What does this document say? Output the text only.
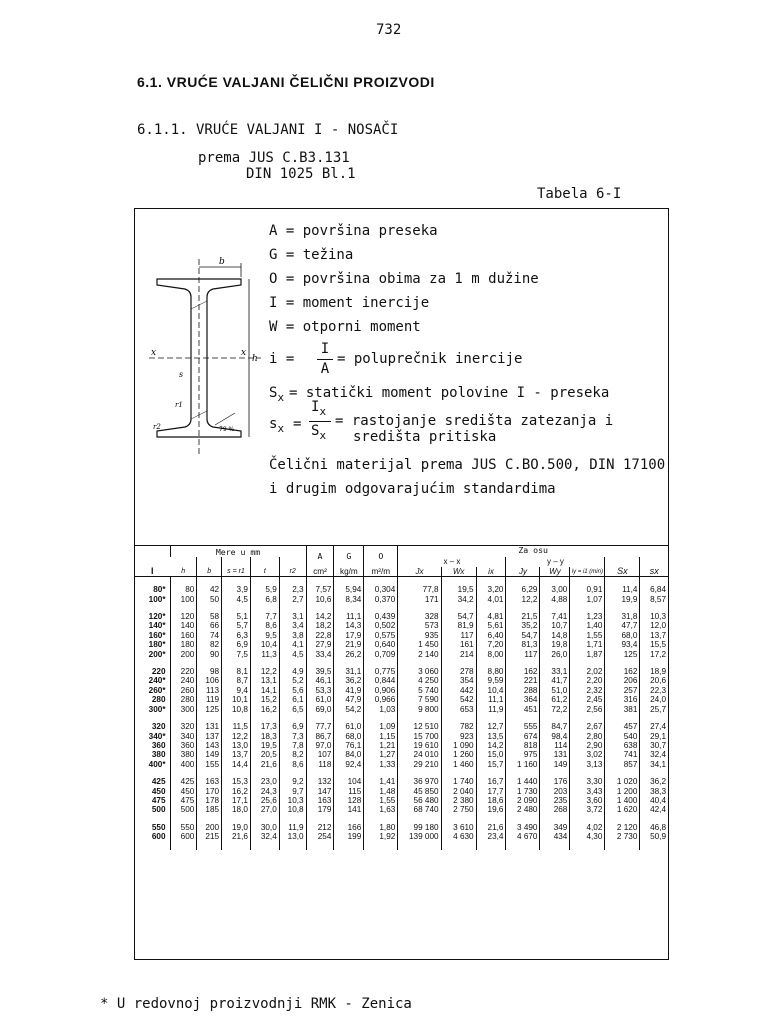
732
6.1. VRUĆE VALJANI ČELIČNI PROIZVODI
6.1.1. VRUĆE VALJANI I - NOSAČI
prema JUS C.B3.131
DIN 1025 Bl.1
Tabela 6-I
b
h
x	x
s
r1
r2	79 %
A = površina preseka
G = težina
O = površina obima za 1 m dužine
I = moment inercije
W = otporni moment
i =
I
A
= poluprečnik inercije
$S_x$ = statički moment polovine I - preseka
$s_x$ =
$I_x$
$S_x$
= rastojanje središta zatezanja i
središta pritiska
Čelični materijal prema JUS C.BO.500, DIN 17100
i drugim odgovarajućim standardima
I	Mere u mm					A	G	O	Za osu							
									x – x			y – y			Sx	sx
	h	b	s = r1	t	r2	cm²	kg/m	m²/m	Jx	Wx	ix	Jy	Wy	iy = i1 (min)		

80*	80	42	3,9	5,9	2,3	7,57	5,94	0,304	77,8	19,5	3,20	6,29	3,00	0,91	11,4	6,84
100*	100	50	4,5	6,8	2,7	10,6	8,34	0,370	171	34,2	4,01	12,2	4,88	1,07	19,9	8,57

120*	120	58	5,1	7,7	3,1	14,2	11,1	0,439	328	54,7	4,81	21,5	7,41	1,23	31,8	10,3
140*	140	66	5,7	8,6	3,4	18,2	14,3	0,502	573	81,9	5,61	35,2	10,7	1,40	47,7	12,0
160*	160	74	6,3	9,5	3,8	22,8	17,9	0,575	935	117	6,40	54,7	14,8	1,55	68,0	13,7
180*	180	82	6,9	10,4	4,1	27,9	21,9	0,640	1 450	161	7,20	81,3	19,8	1,71	93,4	15,5
200*	200	90	7,5	11,3	4,5	33,4	26,2	0,709	2 140	214	8,00	117	26,0	1,87	125	17,2

220	220	98	8,1	12,2	4,9	39,5	31,1	0,775	3 060	278	8,80	162	33,1	2,02	162	18,9
240*	240	106	8,7	13,1	5,2	46,1	36,2	0,844	4 250	354	9,59	221	41,7	2,20	206	20,6
260*	260	113	9,4	14,1	5,6	53,3	41,9	0,906	5 740	442	10,4	288	51,0	2,32	257	22,3
280	280	119	10,1	15,2	6,1	61,0	47,9	0,966	7 590	542	11,1	364	61,2	2,45	316	24,0
300*	300	125	10,8	16,2	6,5	69,0	54,2	1,03	9 800	653	11,9	451	72,2	2,56	381	25,7

320	320	131	11,5	17,3	6,9	77,7	61,0	1,09	12 510	782	12,7	555	84,7	2,67	457	27,4
340*	340	137	12,2	18,3	7,3	86,7	68,0	1,15	15 700	923	13,5	674	98,4	2,80	540	29,1
360	360	143	13,0	19,5	7,8	97,0	76,1	1,21	19 610	1 090	14,2	818	114	2,90	638	30,7
380	380	149	13,7	20,5	8,2	107	84,0	1,27	24 010	1 260	15,0	975	131	3,02	741	32,4
400*	400	155	14,4	21,6	8,6	118	92,4	1,33	29 210	1 460	15,7	1 160	149	3,13	857	34,1

425	425	163	15,3	23,0	9,2	132	104	1,41	36 970	1 740	16,7	1 440	176	3,30	1 020	36,2
450	450	170	16,2	24,3	9,7	147	115	1,48	45 850	2 040	17,7	1 730	203	3,43	1 200	38,3
475	475	178	17,1	25,6	10,3	163	128	1,55	56 480	2 380	18,6	2 090	235	3,60	1 400	40,4
500	500	185	18,0	27,0	10,8	179	141	1,63	68 740	2 750	19,6	2 480	268	3,72	1 620	42,4

550	550	200	19,0	30,0	11,9	212	166	1,80	99 180	3 610	21,6	3 490	349	4,02	2 120	46,8
600	600	215	21,6	32,4	13,0	254	199	1,92	139 000	4 630	23,4	4 670	434	4,30	2 730	50,9

* U redovnoj proizvodnji RMK - Zenica
